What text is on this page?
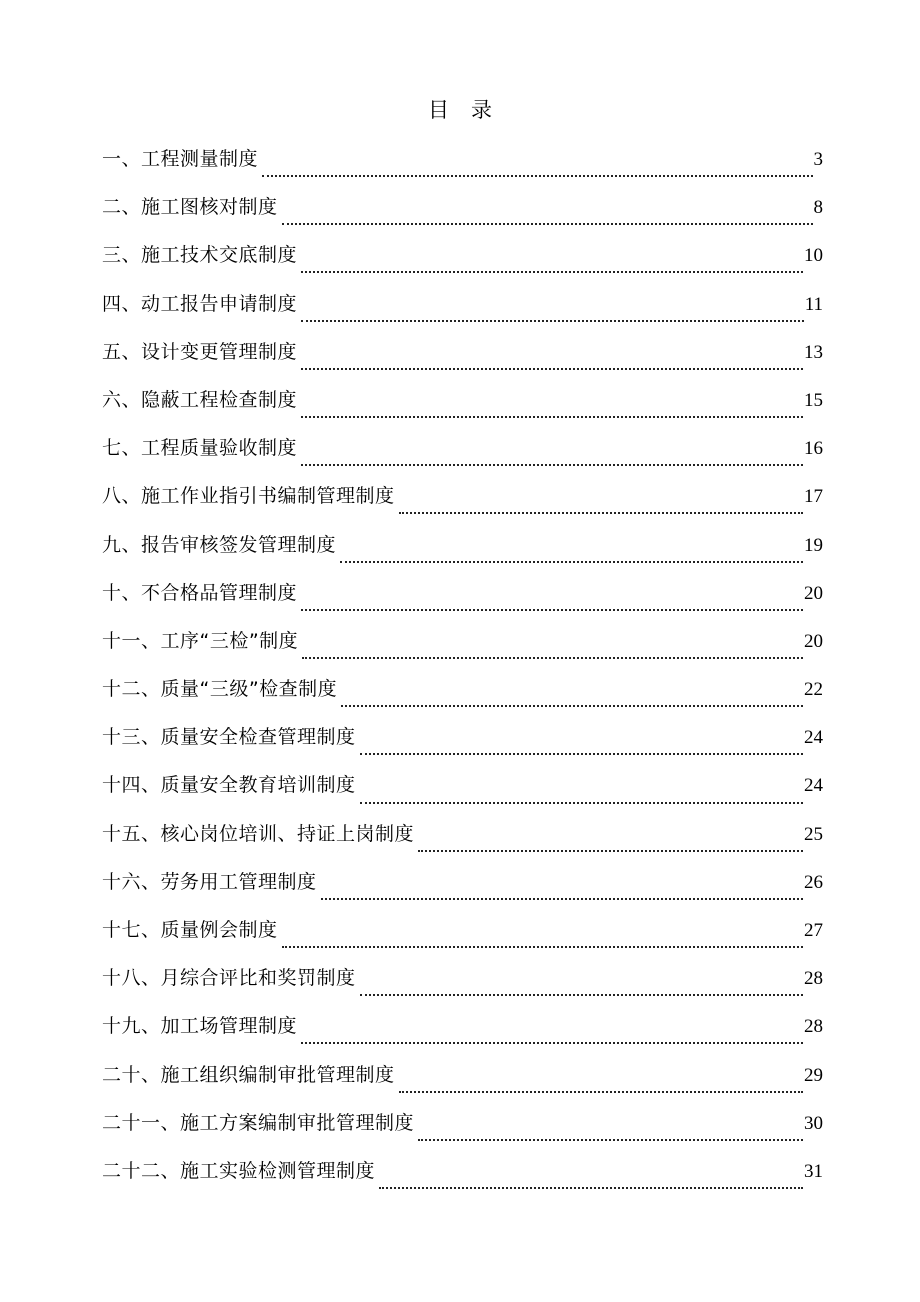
目 录
一、工程测量制度	3
二、施工图核对制度	8
三、施工技术交底制度	10
四、动工报告申请制度	11
五、设计变更管理制度	13
六、隐蔽工程检查制度	15
七、工程质量验收制度	16
八、施工作业指引书编制管理制度	17
九、报告审核签发管理制度	19
十、不合格品管理制度	20
十一、工序“三检”制度	20
十二、质量“三级”检查制度	22
十三、质量安全检查管理制度	24
十四、质量安全教育培训制度	24
十五、核心岗位培训、持证上岗制度	25
十六、劳务用工管理制度	26
十七、质量例会制度	27
十八、月综合评比和奖罚制度	28
十九、加工场管理制度	28
二十、施工组织编制审批管理制度	29
二十一、施工方案编制审批管理制度	30
二十二、施工实验检测管理制度	31
